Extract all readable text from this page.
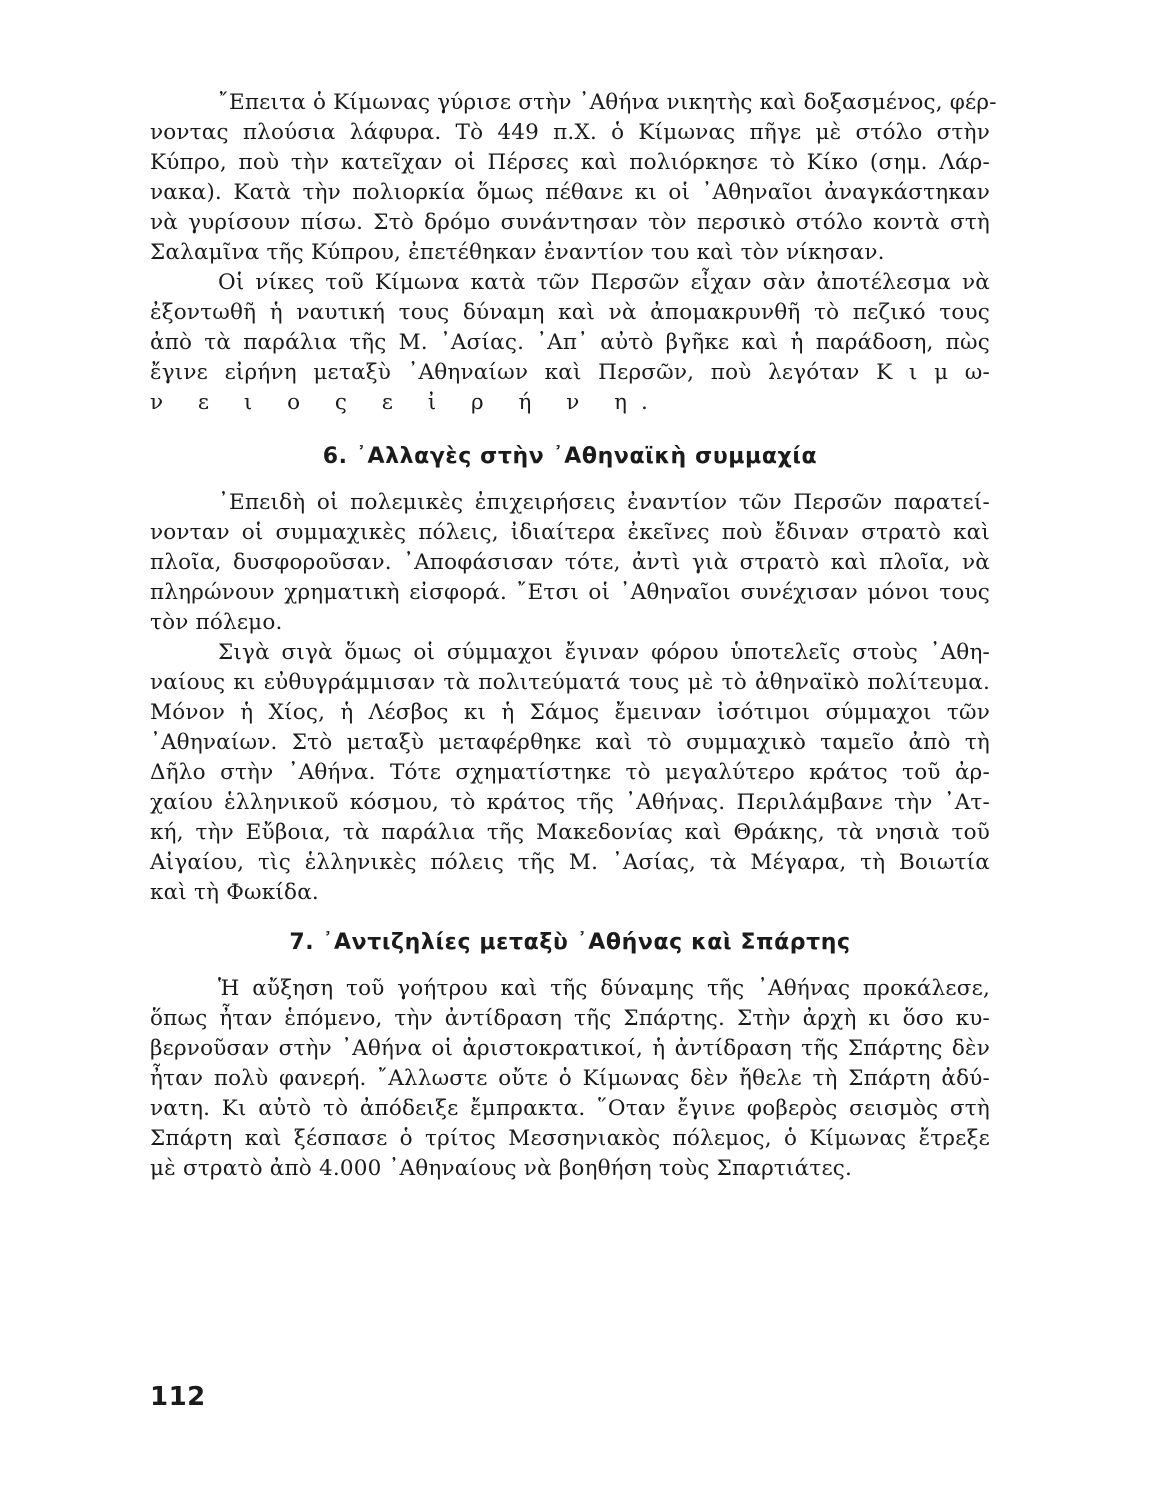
῎Επειτα ὁ Κίμωνας γύρισε στὴν ᾿Αθήνα νικητὴς καὶ δοξασμένος, φέρ-
νοντας πλούσια λάφυρα. Τὸ 449 π.Χ. ὁ Κίμωνας πῆγε μὲ στόλο στὴν
Κύπρο, ποὺ τὴν κατεῖχαν οἱ Πέρσες καὶ πολιόρκησε τὸ Κίκο (σημ. Λάρ-
νακα). Κατὰ τὴν πολιορκία ὅμως πέθανε κι οἱ ᾿Αθηναῖοι ἀναγκάστηκαν
νὰ γυρίσουν πίσω. Στὸ δρόμο συνάντησαν τὸν περσικὸ στόλο κοντὰ στὴ
Σαλαμῖνα τῆς Κύπρου, ἐπετέθηκαν ἐναντίον του καὶ τὸν νίκησαν.
Οἱ νίκες τοῦ Κίμωνα κατὰ τῶν Περσῶν εἶχαν σὰν ἀποτέλεσμα νὰ
ἐξοντωθῆ ἡ ναυτική τους δύναμη καὶ νὰ ἀπομακρυνθῆ τὸ πεζικό τους
ἀπὸ τὰ παράλια τῆς Μ. ᾿Ασίας. ᾿Απ᾿ αὐτὸ βγῆκε καὶ ἡ παράδοση, πὼς
ἔγινε εἰρήνη μεταξὺ ᾿Αθηναίων καὶ Περσῶν, ποὺ λεγόταν Κ ι μ ω-
ν ε ι ο ς ε ἰ ρ ή ν η.
6. ᾿Αλλαγὲς στὴν ᾿Αθηναϊκὴ συμμαχία
᾿Επειδὴ οἱ πολεμικὲς ἐπιχειρήσεις ἐναντίον τῶν Περσῶν παρατεί-
νονταν οἱ συμμαχικὲς πόλεις, ἰδιαίτερα ἐκεῖνες ποὺ ἔδιναν στρατὸ καὶ
πλοῖα, δυσφοροῦσαν. ᾿Αποφάσισαν τότε, ἀντὶ γιὰ στρατὸ καὶ πλοῖα, νὰ
πληρώνουν χρηματικὴ εἰσφορά. ῎Ετσι οἱ ᾿Αθηναῖοι συνέχισαν μόνοι τους
τὸν πόλεμο.
Σιγὰ σιγὰ ὅμως οἱ σύμμαχοι ἔγιναν φόρου ὑποτελεῖς στοὺς ᾿Αθη-
ναίους κι εὐθυγράμμισαν τὰ πολιτεύματά τους μὲ τὸ ἀθηναϊκὸ πολίτευμα.
Μόνον ἡ Χίος, ἡ Λέσβος κι ἡ Σάμος ἔμειναν ἰσότιμοι σύμμαχοι τῶν
᾿Αθηναίων. Στὸ μεταξὺ μεταφέρθηκε καὶ τὸ συμμαχικὸ ταμεῖο ἀπὸ τὴ
Δῆλο στὴν ᾿Αθήνα. Τότε σχηματίστηκε τὸ μεγαλύτερο κράτος τοῦ ἀρ-
χαίου ἑλληνικοῦ κόσμου, τὸ κράτος τῆς ᾿Αθήνας. Περιλάμβανε τὴν ᾿Ατ-
κή, τὴν Εὔβοια, τὰ παράλια τῆς Μακεδονίας καὶ Θράκης, τὰ νησιὰ τοῦ
Αἰγαίου, τὶς ἑλληνικὲς πόλεις τῆς Μ. ᾿Ασίας, τὰ Μέγαρα, τὴ Βοιωτία
καὶ τὴ Φωκίδα.
7. ᾿Αντιζηλίες μεταξὺ ᾿Αθήνας καὶ Σπάρτης
Ἡ αὔξηση τοῦ γοήτρου καὶ τῆς δύναμης τῆς ᾿Αθήνας προκάλεσε,
ὅπως ἦταν ἑπόμενο, τὴν ἀντίδραση τῆς Σπάρτης. Στὴν ἀρχὴ κι ὅσο κυ-
βερνοῦσαν στὴν ᾿Αθήνα οἱ ἀριστοκρατικοί, ἡ ἀντίδραση τῆς Σπάρτης δὲν
ἦταν πολὺ φανερή. ῎Αλλωστε οὔτε ὁ Κίμωνας δὲν ἤθελε τὴ Σπάρτη ἀδύ-
νατη. Κι αὐτὸ τὸ ἀπόδειξε ἔμπρακτα. ῞Οταν ἔγινε φοβερὸς σεισμὸς στὴ
Σπάρτη καὶ ξέσπασε ὁ τρίτος Μεσσηνιακὸς πόλεμος, ὁ Κίμωνας ἔτρεξε
μὲ στρατὸ ἀπὸ 4.000 ᾿Αθηναίους νὰ βοηθήση τοὺς Σπαρτιάτες.
112
